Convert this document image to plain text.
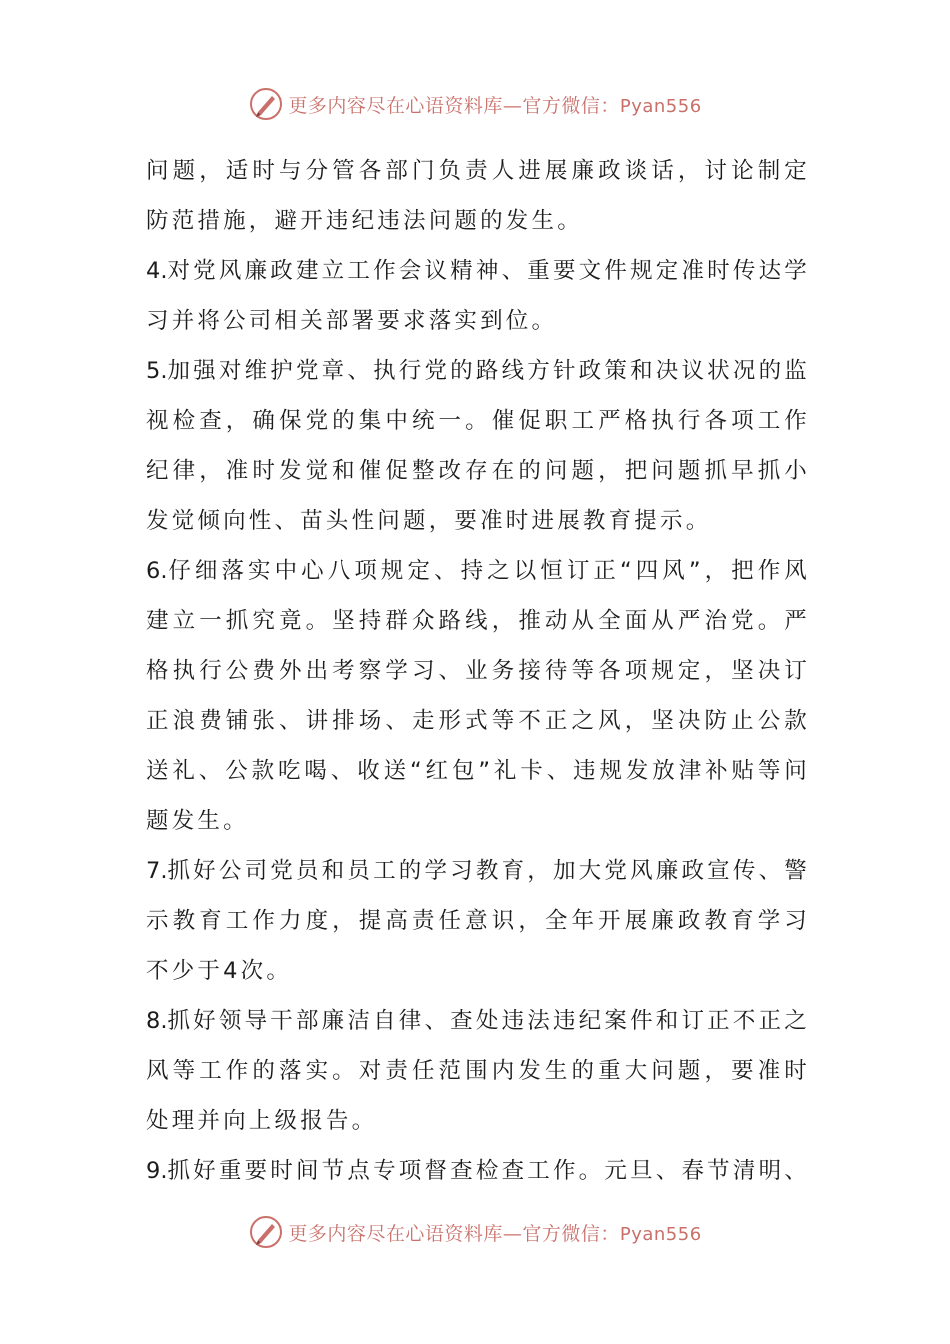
更多内容尽在心语资料库—官方微信：Pyan556

问题，适时与分管各部门负责人进展廉政谈话，讨论制定防范措施，避开违纪违法问题的发生。

4.对党风廉政建立工作会议精神、重要文件规定准时传达学习并将公司相关部署要求落实到位。

5.加强对维护党章、执行党的路线方针政策和决议状况的监视检查，确保党的集中统一。催促职工严格执行各项工作纪律，准时发觉和催促整改存在的问题，把问题抓早抓小发觉倾向性、苗头性问题，要准时进展教育提示。

6.仔细落实中心八项规定、持之以恒订正“四风”，把作风建立一抓究竟。坚持群众路线，推动从全面从严治党。严格执行公费外出考察学习、业务接待等各项规定，坚决订正浪费铺张、讲排场、走形式等不正之风，坚决防止公款送礼、公款吃喝、收送“红包”礼卡、违规发放津补贴等问题发生。

7.抓好公司党员和员工的学习教育，加大党风廉政宣传、警示教育工作力度，提高责任意识，全年开展廉政教育学习不少于4次。

8.抓好领导干部廉洁自律、查处违法违纪案件和订正不正之风等工作的落实。对责任范围内发生的重大问题，要准时处理并向上级报告。

9.抓好重要时间节点专项督查检查工作。元旦、春节清明、

更多内容尽在心语资料库—官方微信：Pyan556
